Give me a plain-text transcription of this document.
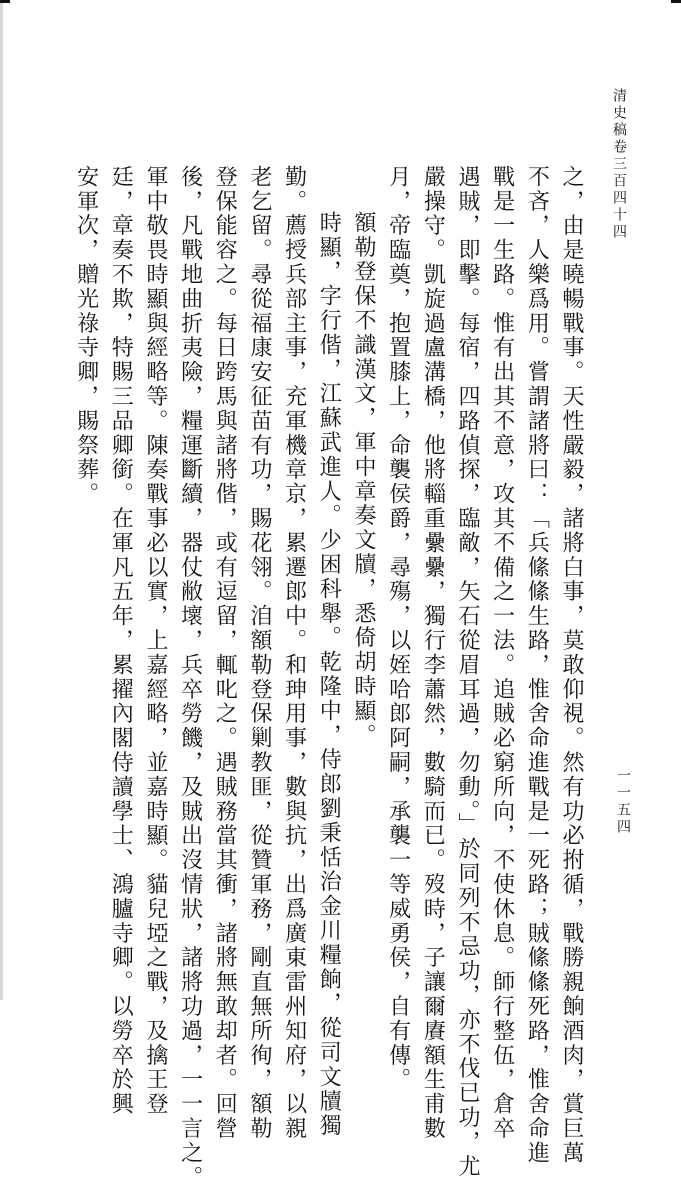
清史稿卷三百四十四
一一五四
之，由是曉暢戰事。天性嚴毅，諸將白事，莫敢仰視。然有功必拊循，戰勝親餉酒肉，賞巨萬
不吝，人樂爲用。嘗謂諸將曰：「兵絛絛生路，惟舍命進戰是一死路；賊絛絛死路，惟舍命進
戰是一生路。惟有出其不意，攻其不備之一法。追賊必窮所向，不使休息。師行整伍，倉卒
遇賊，即擊。每宿，四路偵探，臨敵，矢石從眉耳過，勿動。」於同列不忌功，亦不伐已功，尤
嚴操守。凱旋過盧溝橋，他將輜重纍纍，獨行李蕭然，數騎而已。歿時，子讓爾賡額生甫數
月，帝臨奠，抱置膝上，命襲侯爵，尋殤，以姪哈郎阿嗣，承襲一等威勇侯，自有傳。
額勒登保不識漢文，軍中章奏文牘，悉倚胡時顯。
時顯，字行偕，江蘇武進人。少困科舉。乾隆中，侍郎劉秉恬治金川糧餉，從司文牘獨
勤。薦授兵部主事，充軍機章京，累遷郎中。和珅用事，數與抗，出爲廣東雷州知府，以親
老乞留。尋從福康安征苗有功，賜花翎。洎額勒登保剿教匪，從贊軍務，剛直無所徇，額勒
登保能容之。每日跨馬與諸將偕，或有逗留，輒叱之。遇賊務當其衝，諸將無敢却者。回營
後，凡戰地曲折夷險，糧運斷續，器仗敝壞，兵卒勞饑，及賊出沒情狀，諸將功過，一一言之。
軍中敬畏時顯與經略等。陳奏戰事必以實，上嘉經略，並嘉時顯。貓兒埡之戰，及擒王登
廷，章奏不欺，特賜三品卿銜。在軍凡五年，累擢內閣侍讀學士、鴻臚寺卿。以勞卒於興
安軍次，贈光祿寺卿，賜祭葬。
